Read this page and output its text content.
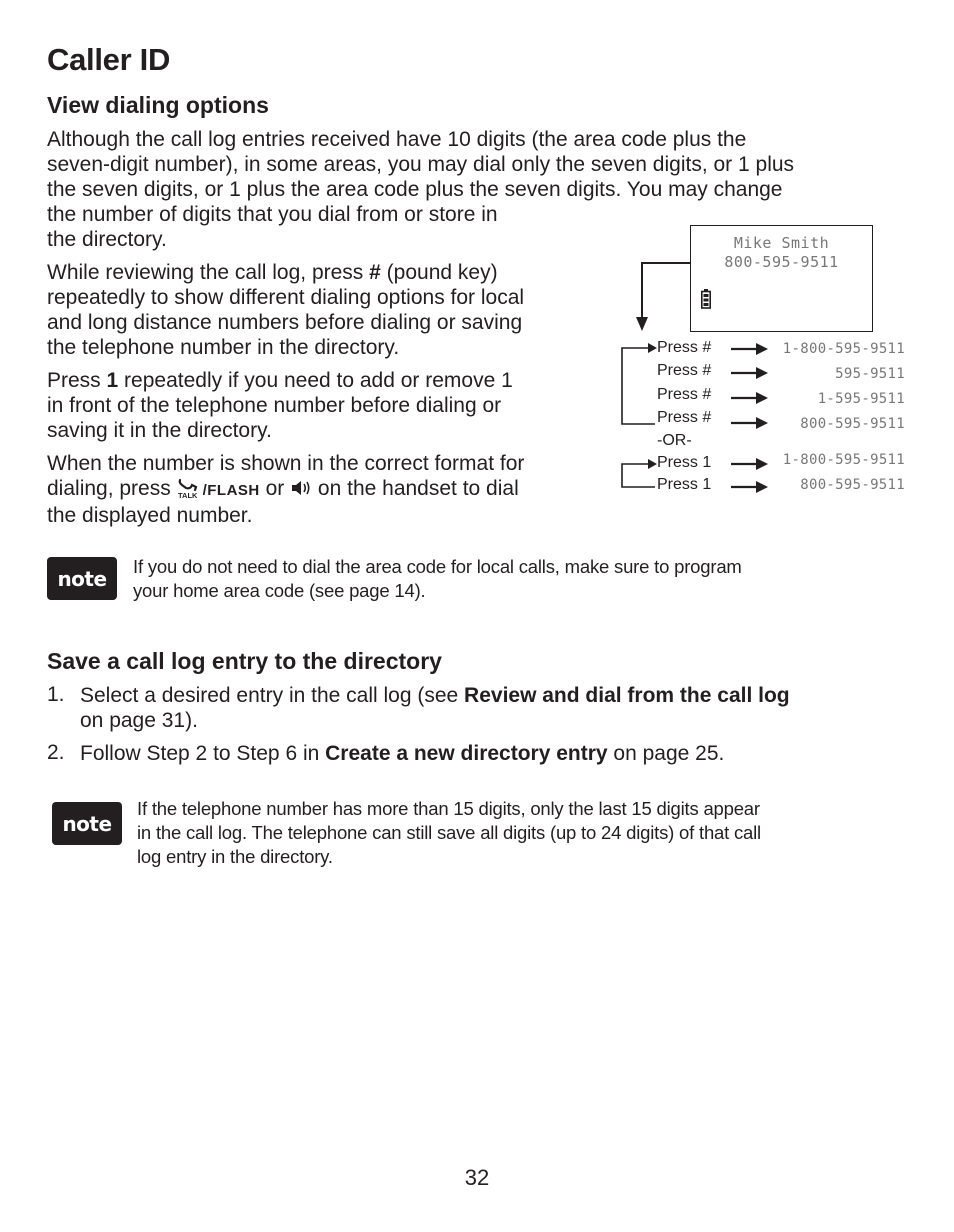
Caller ID
View dialing options
Although the call log entries received have 10 digits (the area code plus the
seven-digit number), in some areas, you may dial only the seven digits, or 1 plus
the seven digits, or 1 plus the area code plus the seven digits. You may change
the number of digits that you dial from or store in
the directory.
While reviewing the call log, press # (pound key)
repeatedly to show different dialing options for local
and long distance numbers before dialing or saving
the telephone number in the directory.
Press 1 repeatedly if you need to add or remove 1
in front of the telephone number before dialing or
saving it in the directory.
When the number is shown in the correct format for
dialing, press TALK /FLASH or  on the handset to dial
the displayed number.
Mike Smith
800-595-9511
Press #
Press #
Press #
Press #
-OR-
Press 1
Press 1
1-800-595-9511
595-9511
1-595-9511
800-595-9511
1-800-595-9511
800-595-9511
note	If you do not need to dial the area code for local calls, make sure to program
your home area code (see page 14).
Save a call log entry to the directory
1. Select a desired entry in the call log (see Review and dial from the call log
on page 31).
2. Follow Step 2 to Step 6 in Create a new directory entry on page 25.
note
If the telephone number has more than 15 digits, only the last 15 digits appear
in the call log. The telephone can still save all digits (up to 24 digits) of that call
log entry in the directory.
32
